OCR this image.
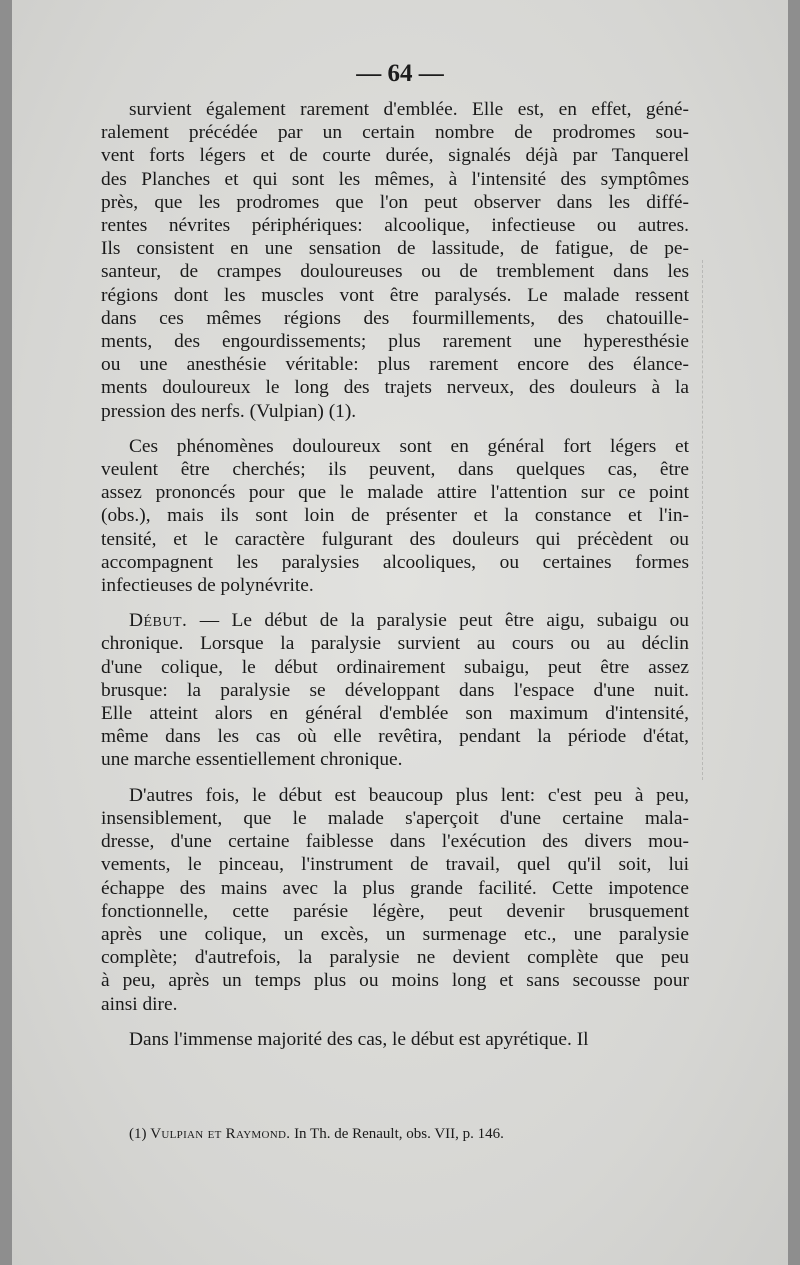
— 64 —

survient également rarement d'emblée. Elle est, en effet, géné-

ralement précédée par un certain nombre de prodromes sou-

vent forts légers et de courte durée, signalés déjà par Tanquerel

des Planches et qui sont les mêmes, à l'intensité des symptômes

près, que les prodromes que l'on peut observer dans les diffé-

rentes névrites périphériques: alcoolique, infectieuse ou autres.

Ils consistent en une sensation de lassitude, de fatigue, de pe-

santeur, de crampes douloureuses ou de tremblement dans les

régions dont les muscles vont être paralysés. Le malade ressent

dans ces mêmes régions des fourmillements, des chatouille-

ments, des engourdissements; plus rarement une hyperesthésie

ou une anesthésie véritable: plus rarement encore des élance-

ments douloureux le long des trajets nerveux, des douleurs à la

pression des nerfs. (Vulpian) (1).

Ces phénomènes douloureux sont en général fort légers et

veulent être cherchés; ils peuvent, dans quelques cas, être

assez prononcés pour que le malade attire l'attention sur ce point

(obs.), mais ils sont loin de présenter et la constance et l'in-

tensité, et le caractère fulgurant des douleurs qui précèdent ou

accompagnent les paralysies alcooliques, ou certaines formes

infectieuses de polynévrite.

Début. — Le début de la paralysie peut être aigu, subaigu ou

chronique. Lorsque la paralysie survient au cours ou au déclin

d'une colique, le début ordinairement subaigu, peut être assez

brusque: la paralysie se développant dans l'espace d'une nuit.

Elle atteint alors en général d'emblée son maximum d'intensité,

même dans les cas où elle revêtira, pendant la période d'état,

une marche essentiellement chronique.

D'autres fois, le début est beaucoup plus lent: c'est peu à peu,

insensiblement, que le malade s'aperçoit d'une certaine mala-

dresse, d'une certaine faiblesse dans l'exécution des divers mou-

vements, le pinceau, l'instrument de travail, quel qu'il soit, lui

échappe des mains avec la plus grande facilité. Cette impotence

fonctionnelle, cette parésie légère, peut devenir brusquement

après une colique, un excès, un surmenage etc., une paralysie

complète; d'autrefois, la paralysie ne devient complète que peu

à peu, après un temps plus ou moins long et sans secousse pour

ainsi dire.

Dans l'immense majorité des cas, le début est apyrétique. Il

(1) Vulpian et Raymond. In Th. de Renault, obs. VII, p. 146.
